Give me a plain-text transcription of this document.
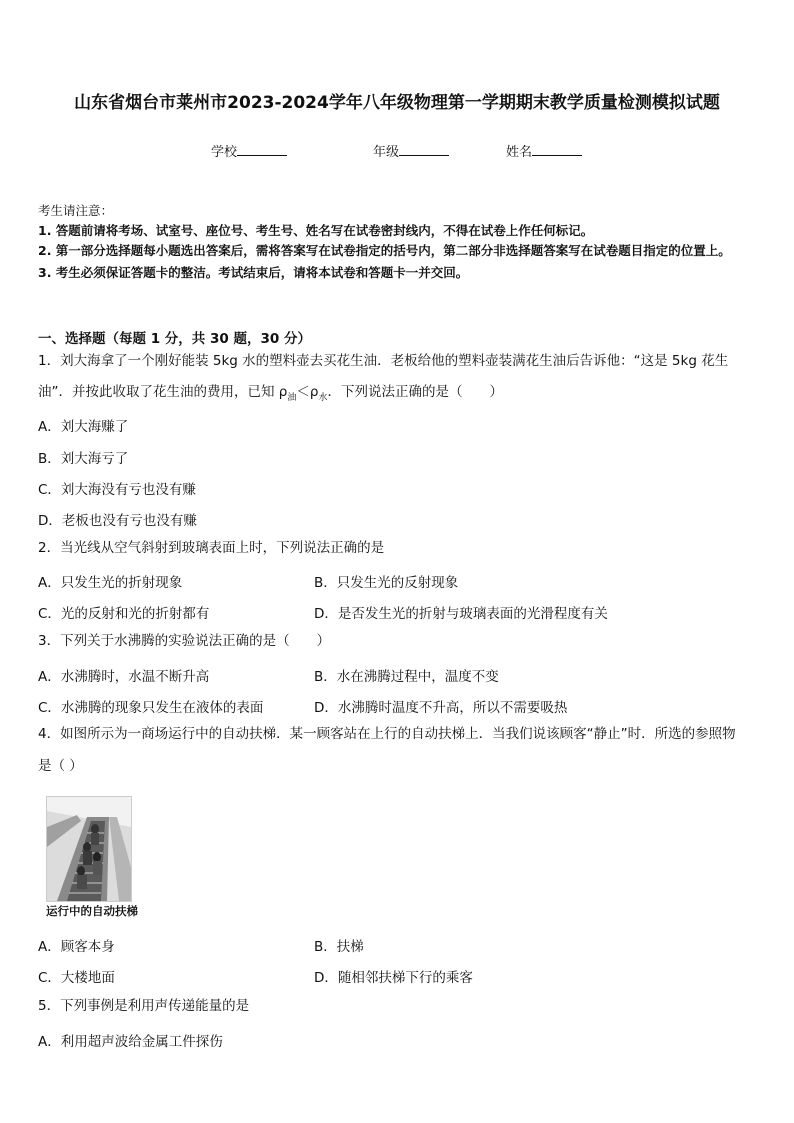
山东省烟台市莱州市2023-2024学年八年级物理第一学期期末教学质量检测模拟试题
学校	年级	姓名
考生请注意：
1. 答题前请将考场、试室号、座位号、考生号、姓名写在试卷密封线内，不得在试卷上作任何标记。
2. 第一部分选择题每小题选出答案后，需将答案写在试卷指定的括号内，第二部分非选择题答案写在试卷题目指定的位置上。
3. 考生必须保证答题卡的整洁。考试结束后，请将本试卷和答题卡一并交回。
一、选择题（每题 1 分，共 30 题，30 分）
1．刘大海拿了一个刚好能装 5kg 水的塑料壶去买花生油．老板给他的塑料壶装满花生油后告诉他：“这是 5kg 花生
油”．并按此收取了花生油的费用，已知 $\rho_油<\rho_水$．下列说法正确的是（　　）
A．刘大海赚了
B．刘大海亏了
C．刘大海没有亏也没有赚
D．老板也没有亏也没有赚
2．当光线从空气斜射到玻璃表面上时，下列说法正确的是
A．只发生光的折射现象	B．只发生光的反射现象
C．光的反射和光的折射都有	D．是否发生光的折射与玻璃表面的光滑程度有关
3．下列关于水沸腾的实验说法正确的是（　　）
A．水沸腾时，水温不断升高	B．水在沸腾过程中，温度不变
C．水沸腾的现象只发生在液体的表面	D．水沸腾时温度不升高，所以不需要吸热
4．如图所示为一商场运行中的自动扶梯．某一顾客站在上行的自动扶梯上．当我们说该顾客“静止”时．所选的参照物
是（ ）
运行中的自动扶梯
A．顾客本身	B．扶梯
C．大楼地面	D．随相邻扶梯下行的乘客
5．下列事例是利用声传递能量的是
A．利用超声波给金属工件探伤
